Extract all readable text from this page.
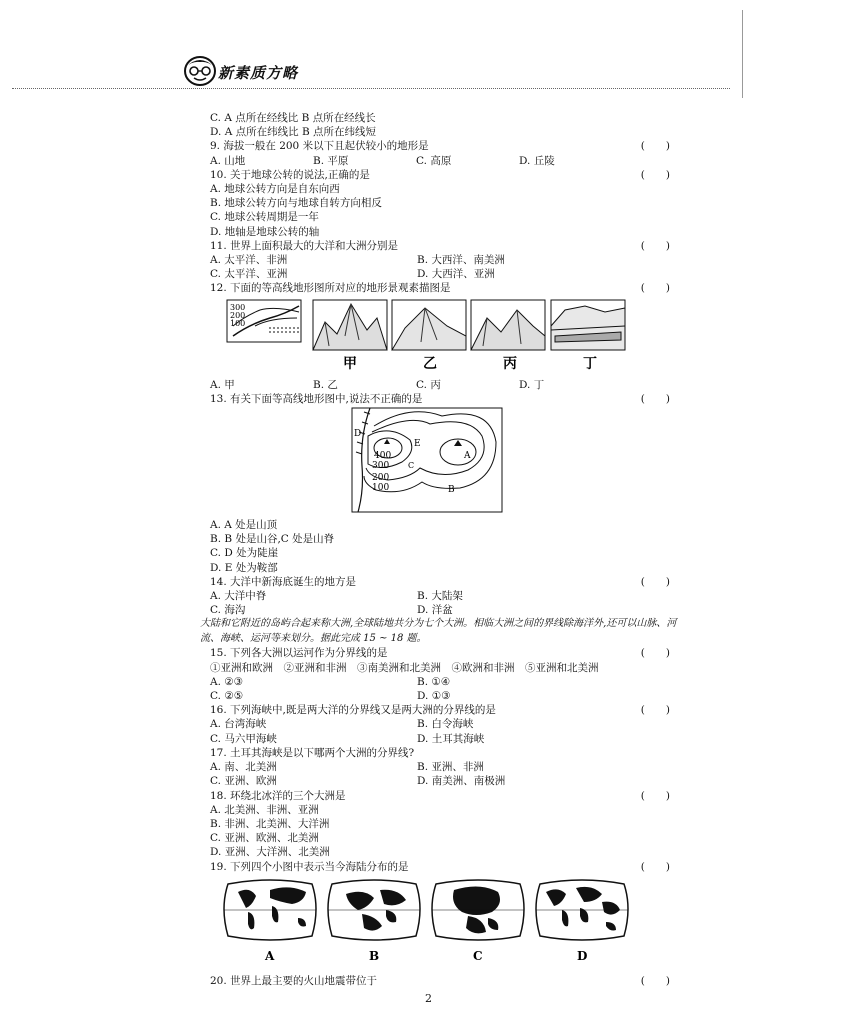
新素质方略
C. A 点所在经线比 B 点所在经线长
D. A 点所在纬线比 B 点所在纬线短
9. 海拔一般在 200 米以下且起伏较小的地形是	(　　)
A. 山地	B. 平原	C. 高原	D. 丘陵
10. 关于地球公转的说法,正确的是	(　　)
A. 地球公转方向是自东向西
B. 地球公转方向与地球自转方向相反
C. 地球公转周期是一年
D. 地轴是地球公转的轴
11. 世界上面积最大的大洋和大洲分别是	(　　)
A. 太平洋、非洲	B. 大西洋、南美洲
C. 太平洋、亚洲	D. 大西洋、亚洲
12. 下面的等高线地形图所对应的地形景观素描图是	(　　)
300
200
100
甲	乙	丙	丁
A. 甲	B. 乙	C. 丙	D. 丁
13. 有关下面等高线地形图中,说法不正确的是	(　　)
400
300
200
100
D
E
A
C
B
A. A 处是山顶
B. B 处是山谷,C 处是山脊
C. D 处为陡崖
D. E 处为鞍部
14. 大洋中新海底诞生的地方是	(　　)
A. 大洋中脊	B. 大陆架
C. 海沟	D. 洋盆
大陆和它附近的岛屿合起来称大洲,全球陆地共分为七个大洲。相临大洲之间的界线除海洋外,还可以山脉、河流、海峡、运河等来划分。据此完成 15 ~ 18 题。
15. 下列各大洲以运河作为分界线的是	(　　)
①亚洲和欧洲　②亚洲和非洲　③南美洲和北美洲　④欧洲和非洲　⑤亚洲和北美洲
A. ②③	B. ①④
C. ②⑤	D. ①③
16. 下列海峡中,既是两大洋的分界线又是两大洲的分界线的是	(　　)
A. 台湾海峡	B. 白令海峡
C. 马六甲海峡	D. 土耳其海峡
17. 土耳其海峡是以下哪两个大洲的分界线?
A. 南、北美洲	B. 亚洲、非洲
C. 亚洲、欧洲	D. 南美洲、南极洲
18. 环绕北冰洋的三个大洲是	(　　)
A. 北美洲、非洲、亚洲
B. 非洲、北美洲、大洋洲
C. 亚洲、欧洲、北美洲
D. 亚洲、大洋洲、北美洲
19. 下列四个小图中表示当今海陆分布的是	(　　)
A	B	C	D
20. 世界上最主要的火山地震带位于	(　　)
2
